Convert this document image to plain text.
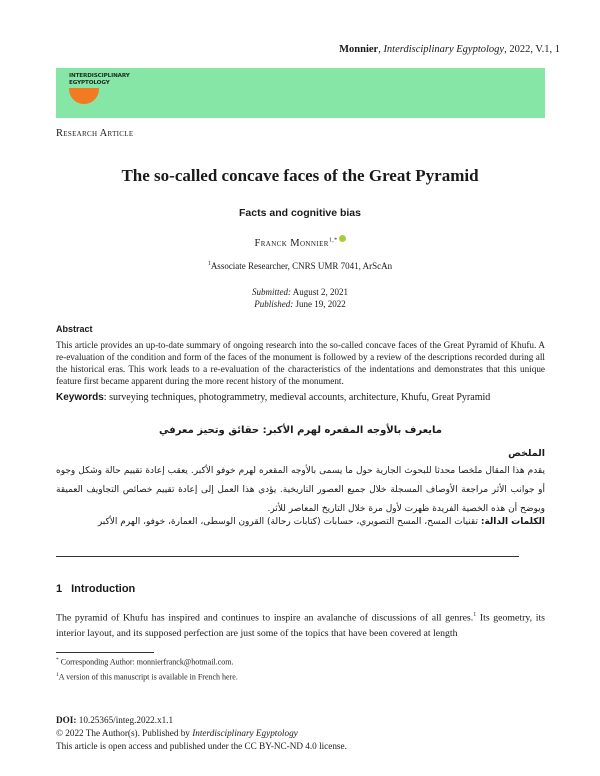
Monnier, Interdisciplinary Egyptology, 2022, V.1, 1
INTERDISCIPLINARY
EGYPTOLOGY
Research Article
The so-called concave faces of the Great Pyramid
Facts and cognitive bias
Franck Monnier$^{1,*}$
$^1$Associate Researcher, CNRS UMR 7041, ArScAn
Submitted: August 2, 2021
Published: June 19, 2022
Abstract
This article provides an up-to-date summary of ongoing research into the so-called concave faces of the Great Pyramid of Khufu. A re-evaluation of the condition and form of the faces of the monument is followed by a review of the descriptions recorded during all the historical eras. This work leads to a re-evaluation of the characteristics of the indentations and demonstrates that this unique feature first became apparent during the more recent history of the monument.
Keywords: surveying techniques, photogrammetry, medieval accounts, architecture, Khufu, Great Pyramid
مايعرف بالأوجه المقعره لهرم الأكبر: حقائق وتحيز معرفي
الملخص
يقدم هذا المقال ملخصا محدثا للبحوث الجارية حول ما يسمى بالأوجه المقعره لهرم خوفو الأكبر. يعقب إعادة تقييم حالة وشكل وجوه أو جوانب الأثر مراجعة الأوصاف المسجلة خلال جميع العصور التاريخية. يؤدي هذا العمل إلى إعادة تقييم خصائص التجاويف العميقة ويوضح أن هذه الخصية الفريدة ظهرت لأول مرة خلال التاريخ المعاصر للأثر.
الكلمات الدالة: تقنيات المسح، المسح التصويري، حسابات (كتابات رحالة) القرون الوسطى، العمارة، خوفو، الهرم الأكبر
1 Introduction
The pyramid of Khufu has inspired and continues to inspire an avalanche of discussions of all genres.$^1$ Its geometry, its interior layout, and its supposed perfection are just some of the topics that have been covered at length
* Corresponding Author: monnierfranck@hotmail.com.
$^1$A version of this manuscript is available in French here.
DOI: 10.25365/integ.2022.x1.1
© 2022 The Author(s). Published by Interdisciplinary Egyptology
This article is open access and published under the CC BY-NC-ND 4.0 license.
